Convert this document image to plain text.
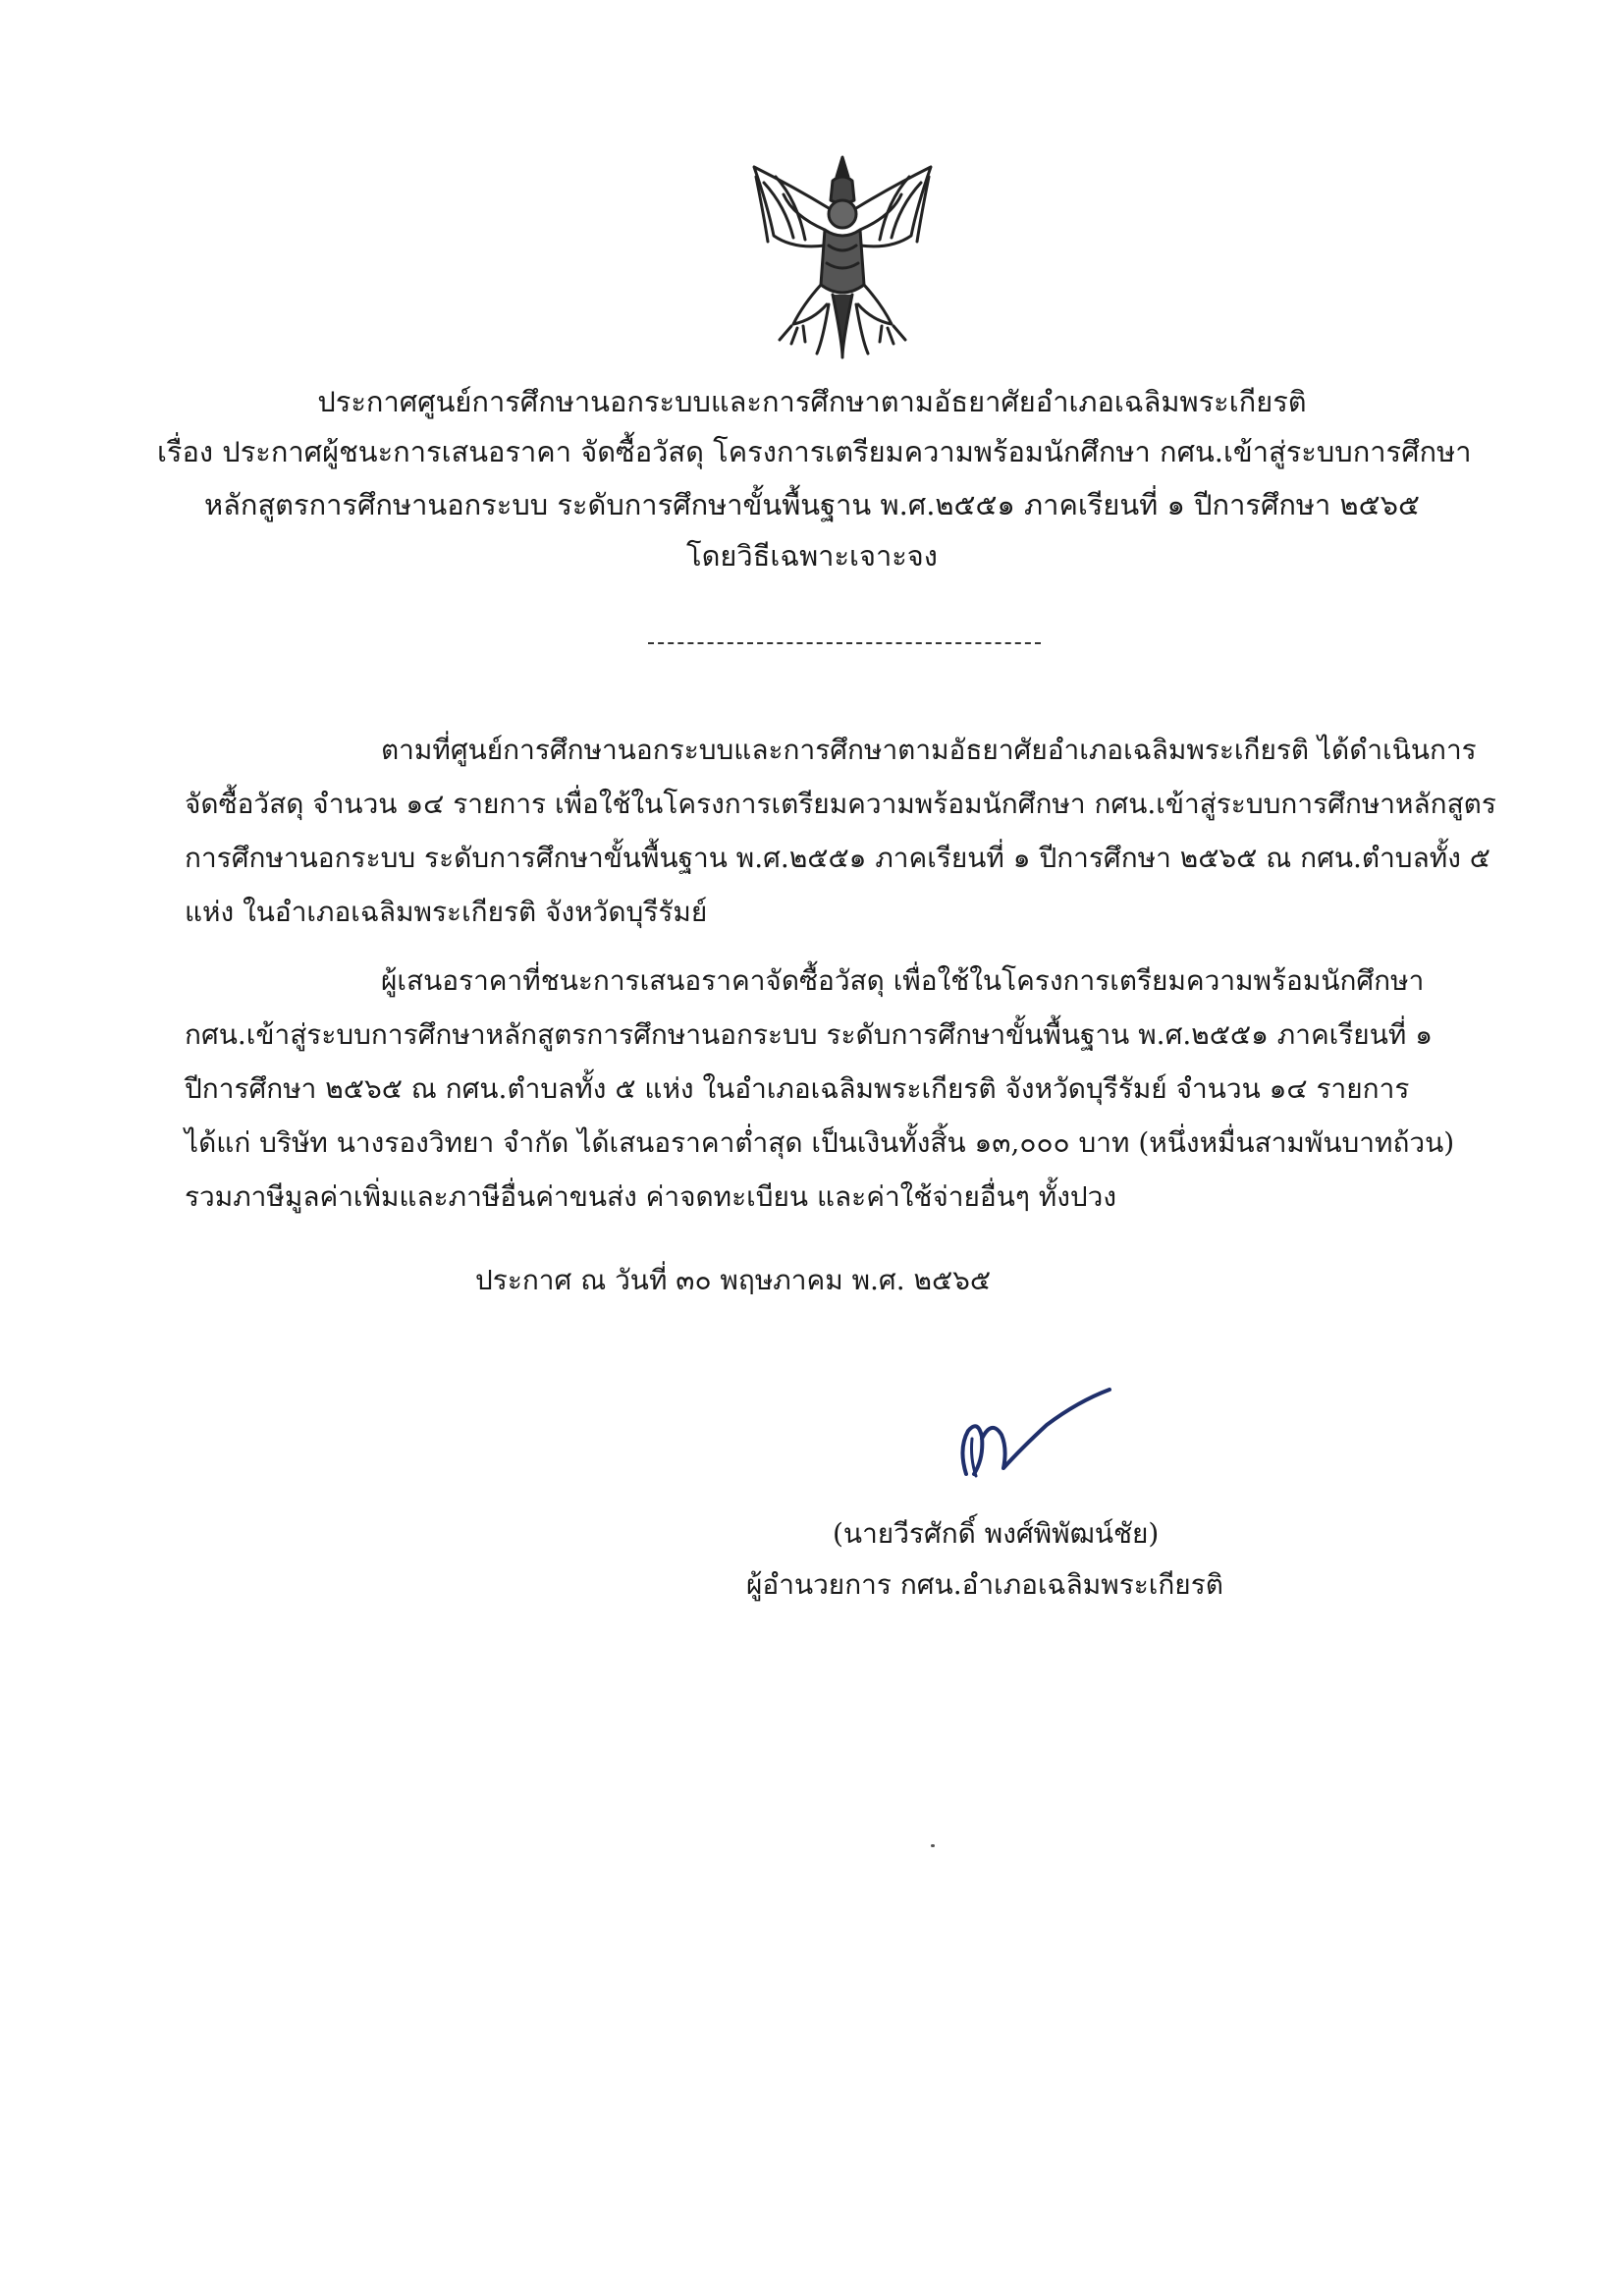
ประกาศศูนย์การศึกษานอกระบบและการศึกษาตามอัธยาศัยอำเภอเฉลิมพระเกียรติ
เรื่อง ประกาศผู้ชนะการเสนอราคา จัดซื้อวัสดุ โครงการเตรียมความพร้อมนักศึกษา กศน.เข้าสู่ระบบการศึกษา
หลักสูตรการศึกษานอกระบบ ระดับการศึกษาขั้นพื้นฐาน พ.ศ.๒๕๕๑ ภาคเรียนที่ ๑ ปีการศึกษา ๒๕๖๕
โดยวิธีเฉพาะเจาะจง
ตามที่ศูนย์การศึกษานอกระบบและการศึกษาตามอัธยาศัยอำเภอเฉลิมพระเกียรติ ได้ดำเนินการ
จัดซื้อวัสดุ จำนวน ๑๔ รายการ เพื่อใช้ในโครงการเตรียมความพร้อมนักศึกษา กศน.เข้าสู่ระบบการศึกษาหลักสูตร
การศึกษานอกระบบ ระดับการศึกษาขั้นพื้นฐาน พ.ศ.๒๕๕๑ ภาคเรียนที่ ๑ ปีการศึกษา ๒๕๖๕ ณ กศน.ตำบลทั้ง ๕
แห่ง ในอำเภอเฉลิมพระเกียรติ จังหวัดบุรีรัมย์
ผู้เสนอราคาที่ชนะการเสนอราคาจัดซื้อวัสดุ เพื่อใช้ในโครงการเตรียมความพร้อมนักศึกษา
กศน.เข้าสู่ระบบการศึกษาหลักสูตรการศึกษานอกระบบ ระดับการศึกษาขั้นพื้นฐาน พ.ศ.๒๕๕๑ ภาคเรียนที่ ๑
ปีการศึกษา ๒๕๖๕ ณ กศน.ตำบลทั้ง ๕ แห่ง ในอำเภอเฉลิมพระเกียรติ จังหวัดบุรีรัมย์ จำนวน ๑๔ รายการ
ได้แก่ บริษัท นางรองวิทยา จำกัด ได้เสนอราคาต่ำสุด เป็นเงินทั้งสิ้น ๑๓,๐๐๐ บาท (หนึ่งหมื่นสามพันบาทถ้วน)
รวมภาษีมูลค่าเพิ่มและภาษีอื่นค่าขนส่ง ค่าจดทะเบียน และค่าใช้จ่ายอื่นๆ ทั้งปวง
ประกาศ ณ วันที่ ๓๐ พฤษภาคม พ.ศ. ๒๕๖๕
(นายวีรศักดิ์ พงศ์พิพัฒน์ชัย)
ผู้อำนวยการ กศน.อำเภอเฉลิมพระเกียรติ
